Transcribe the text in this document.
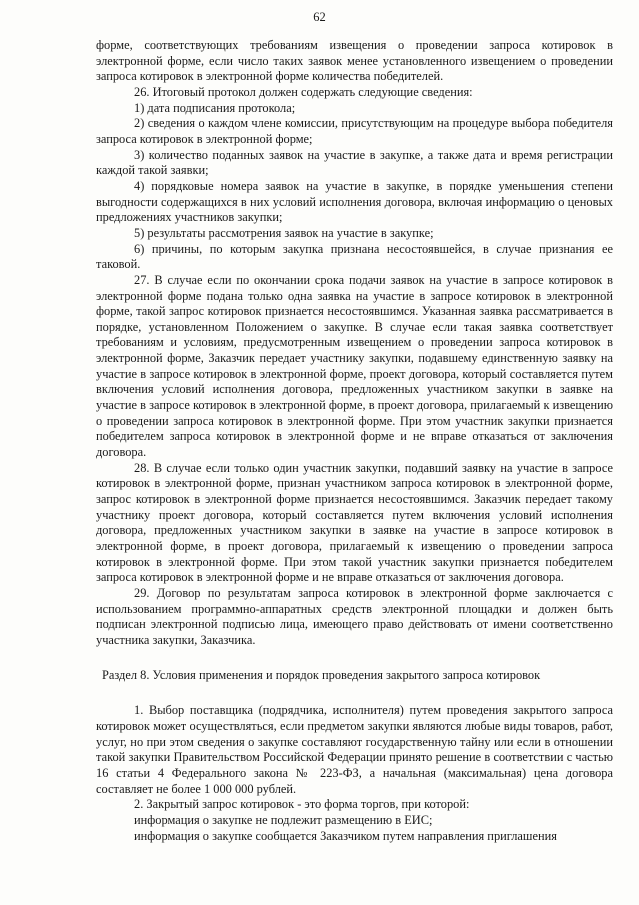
62

форме, соответствующих требованиям извещения о проведении запроса котировок в электронной форме, если число таких заявок менее установленного извещением о проведении запроса котировок в электронной форме количества победителей.

26. Итоговый протокол должен содержать следующие сведения:

1) дата подписания протокола;

2) сведения о каждом члене комиссии, присутствующим на процедуре выбора победителя запроса котировок в электронной форме;

3) количество поданных заявок на участие в закупке, а также дата и время регистрации каждой такой заявки;

4) порядковые номера заявок на участие в закупке, в порядке уменьшения степени выгодности содержащихся в них условий исполнения договора, включая информацию о ценовых предложениях участников закупки;

5) результаты рассмотрения заявок на участие в закупке;

6) причины, по которым закупка признана несостоявшейся, в случае признания ее таковой.

27. В случае если по окончании срока подачи заявок на участие в запросе котировок в электронной форме подана только одна заявка на участие в запросе котировок в электронной форме, такой запрос котировок признается несостоявшимся. Указанная заявка рассматривается в порядке, установленном Положением о закупке. В случае если такая заявка соответствует требованиям и условиям, предусмотренным извещением о проведении запроса котировок в электронной форме, Заказчик передает участнику закупки, подавшему единственную заявку на участие в запросе котировок в электронной форме, проект договора, который составляется путем включения условий исполнения договора, предложенных участником закупки в заявке на участие в запросе котировок в электронной форме, в проект договора, прилагаемый к извещению о проведении запроса котировок в электронной форме. При этом участник закупки признается победителем запроса котировок в электронной форме и не вправе отказаться от заключения договора.

28. В случае если только один участник закупки, подавший заявку на участие в запросе котировок в электронной форме, признан участником запроса котировок в электронной форме, запрос котировок в электронной форме признается несостоявшимся. Заказчик передает такому участнику проект договора, который составляется путем включения условий исполнения договора, предложенных участником закупки в заявке на участие в запросе котировок в электронной форме, в проект договора, прилагаемый к извещению о проведении запроса котировок в электронной форме. При этом такой участник закупки признается победителем запроса котировок в электронной форме и не вправе отказаться от заключения договора.

29. Договор по результатам запроса котировок в электронной форме заключается с использованием программно-аппаратных средств электронной площадки и должен быть подписан электронной подписью лица, имеющего право действовать от имени соответственно участника закупки, Заказчика.

Раздел 8. Условия применения и порядок проведения закрытого запроса котировок

1. Выбор поставщика (подрядчика, исполнителя) путем проведения закрытого запроса котировок может осуществляться, если предметом закупки являются любые виды товаров, работ, услуг, но при этом сведения о закупке составляют государственную тайну или если в отношении такой закупки Правительством Российской Федерации принято решение в соответствии с частью 16 статьи 4 Федерального закона № 223-ФЗ, а начальная (максимальная) цена договора составляет не более 1 000 000 рублей.

2. Закрытый запрос котировок - это форма торгов, при которой:

информация о закупке не подлежит размещению в ЕИС;

информация о закупке сообщается Заказчиком путем направления приглашения
